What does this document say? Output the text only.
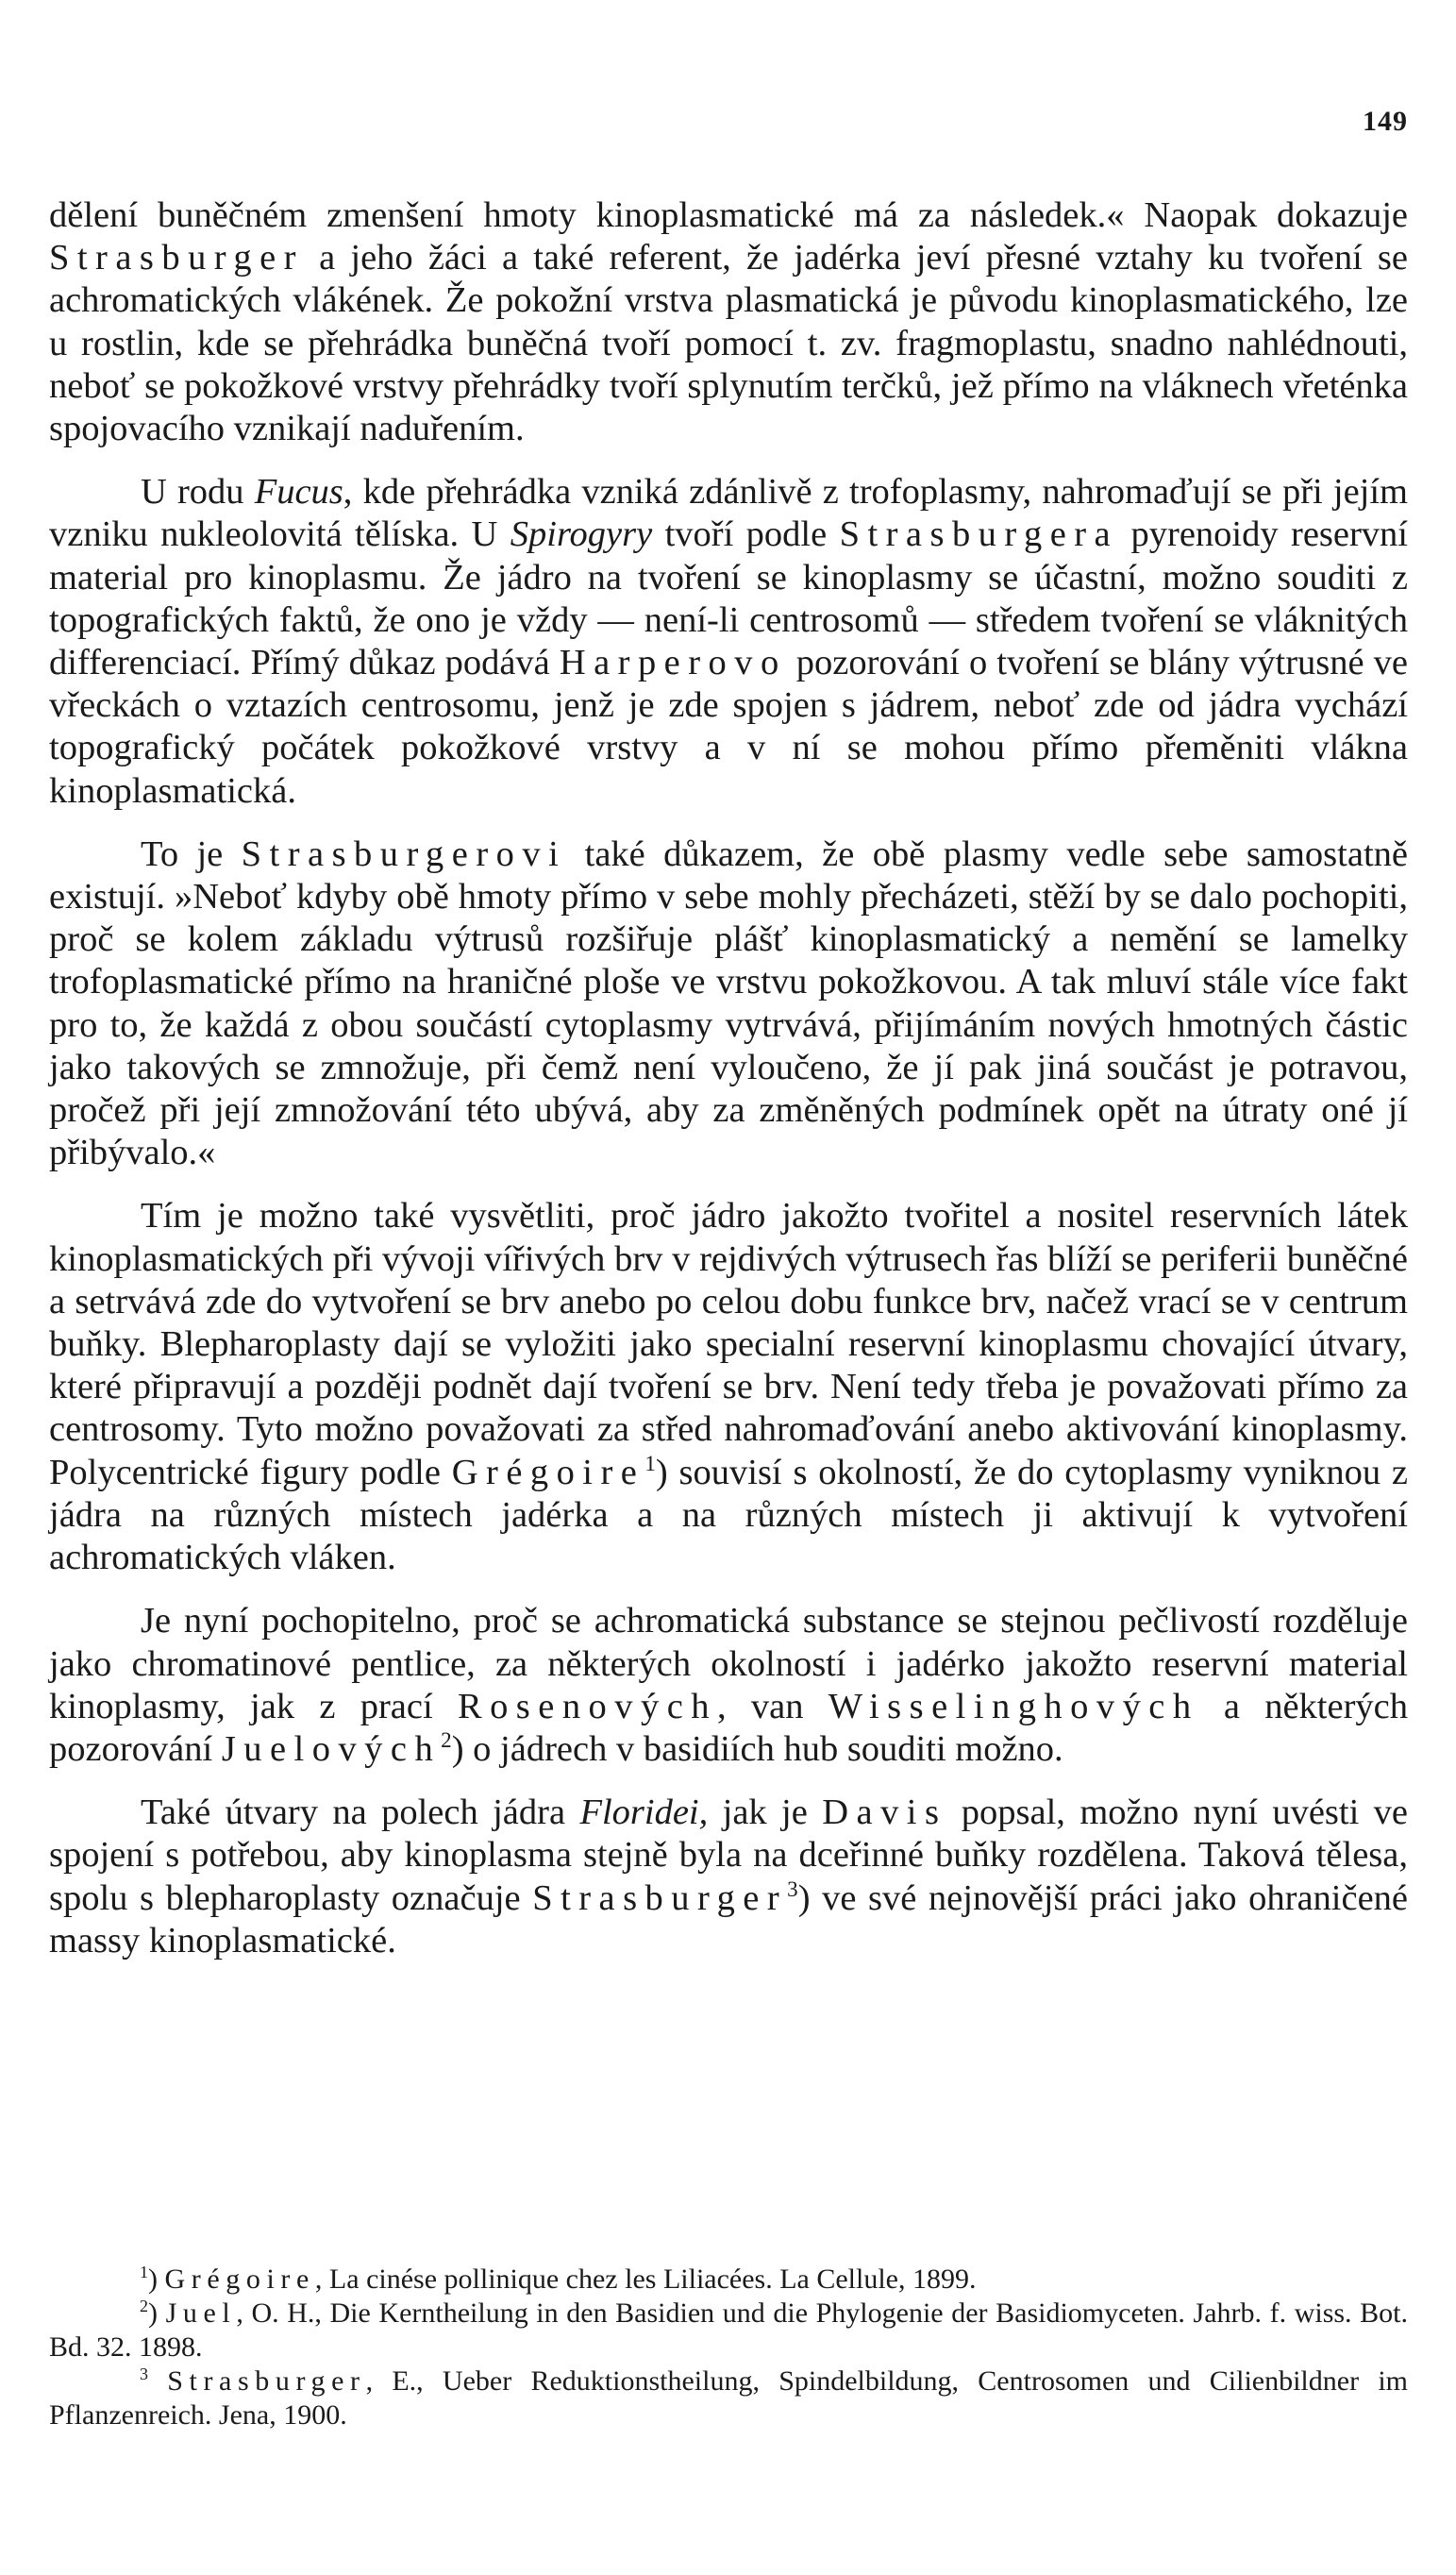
149

dělení buněčném zmenšení hmoty kinoplasmatické má za následek.« Naopak dokazuje Strasburger a jeho žáci a také referent, že jadérka jeví přesné vztahy ku tvoření se achromatických vlákének. Že pokožní vrstva plasmatická je původu kinoplasmatického, lze u rostlin, kde se přehrádka buněčná tvoří pomocí t. zv. fragmoplastu, snadno nahlédnouti, neboť se pokožkové vrstvy přehrádky tvoří splynutím terčků, jež přímo na vláknech vřeténka spojovacího vznikají naduřením.

U rodu Fucus, kde přehrádka vzniká zdánlivě z trofoplasmy, nahromaďují se při jejím vzniku nukleolovitá tělíska. U Spirogyry tvoří podle Strasburgera pyrenoidy reservní material pro kinoplasmu. Že jádro na tvoření se kinoplasmy se účastní, možno souditi z topografických faktů, že ono je vždy — není-li centrosomů — středem tvoření se vláknitých differenciací. Přímý důkaz podává Harperovo pozorování o tvoření se blány výtrusné ve vřeckách o vztazích centrosomu, jenž je zde spojen s jádrem, neboť zde od jádra vychází topografický počátek pokožkové vrstvy a v ní se mohou přímo přeměniti vlákna kinoplasmatická.

To je Strasburgerovi také důkazem, že obě plasmy vedle sebe samostatně existují. »Neboť kdyby obě hmoty přímo v sebe mohly přecházeti, stěží by se dalo pochopiti, proč se kolem základu výtrusů rozšiřuje plášť kinoplasmatický a nemění se lamelky trofoplasmatické přímo na hraničné ploše ve vrstvu pokožkovou. A tak mluví stále více fakt pro to, že každá z obou součástí cytoplasmy vytrvává, přijímáním nových hmotných částic jako takových se zmnožuje, při čemž není vyloučeno, že jí pak jiná součást je potravou, pročež při její zmnožování této ubývá, aby za změněných podmínek opět na útraty oné jí přibývalo.«

Tím je možno také vysvětliti, proč jádro jakožto tvořitel a nositel reservních látek kinoplasmatických při vývoji vířivých brv v rejdivých výtrusech řas blíží se periferii buněčné a setrvává zde do vytvoření se brv anebo po celou dobu funkce brv, načež vrací se v centrum buňky. Blepharoplasty dají se vyložiti jako specialní reservní kinoplasmu chovající útvary, které připravují a později podnět dají tvoření se brv. Není tedy třeba je považovati přímo za centrosomy. Tyto možno považovati za střed nahromaďování anebo aktivování kinoplasmy. Polycentrické figury podle Grégoire$^1$) souvisí s okolností, že do cytoplasmy vyniknou z jádra na různých místech jadérka a na různých místech ji aktivují k vytvoření achromatických vláken.

Je nyní pochopitelno, proč se achromatická substance se stejnou pečlivostí rozděluje jako chromatinové pentlice, za některých okolností i jadérko jakožto reservní material kinoplasmy, jak z prací Rosenových, van Wisselinghových a některých pozorování Juelových$^2$) o jádrech v basidiích hub souditi možno.

Také útvary na polech jádra Floridei, jak je Davis popsal, možno nyní uvésti ve spojení s potřebou, aby kinoplasma stejně byla na dceřinné buňky rozdělena. Taková tělesa, spolu s blepharoplasty označuje Strasburger$^3$) ve své nejnovější práci jako ohraničené massy kinoplasmatické.

$^1$) Grégoire, La cinése pollinique chez les Liliacées. La Cellule, 1899.

$^2$) Juel, O. H., Die Kerntheilung in den Basidien und die Phylogenie der Basidiomyceten. Jahrb. f. wiss. Bot. Bd. 32. 1898.

$^3$ Strasburger, E., Ueber Reduktionstheilung, Spindelbildung, Centrosomen und Cilienbildner im Pflanzenreich. Jena, 1900.
